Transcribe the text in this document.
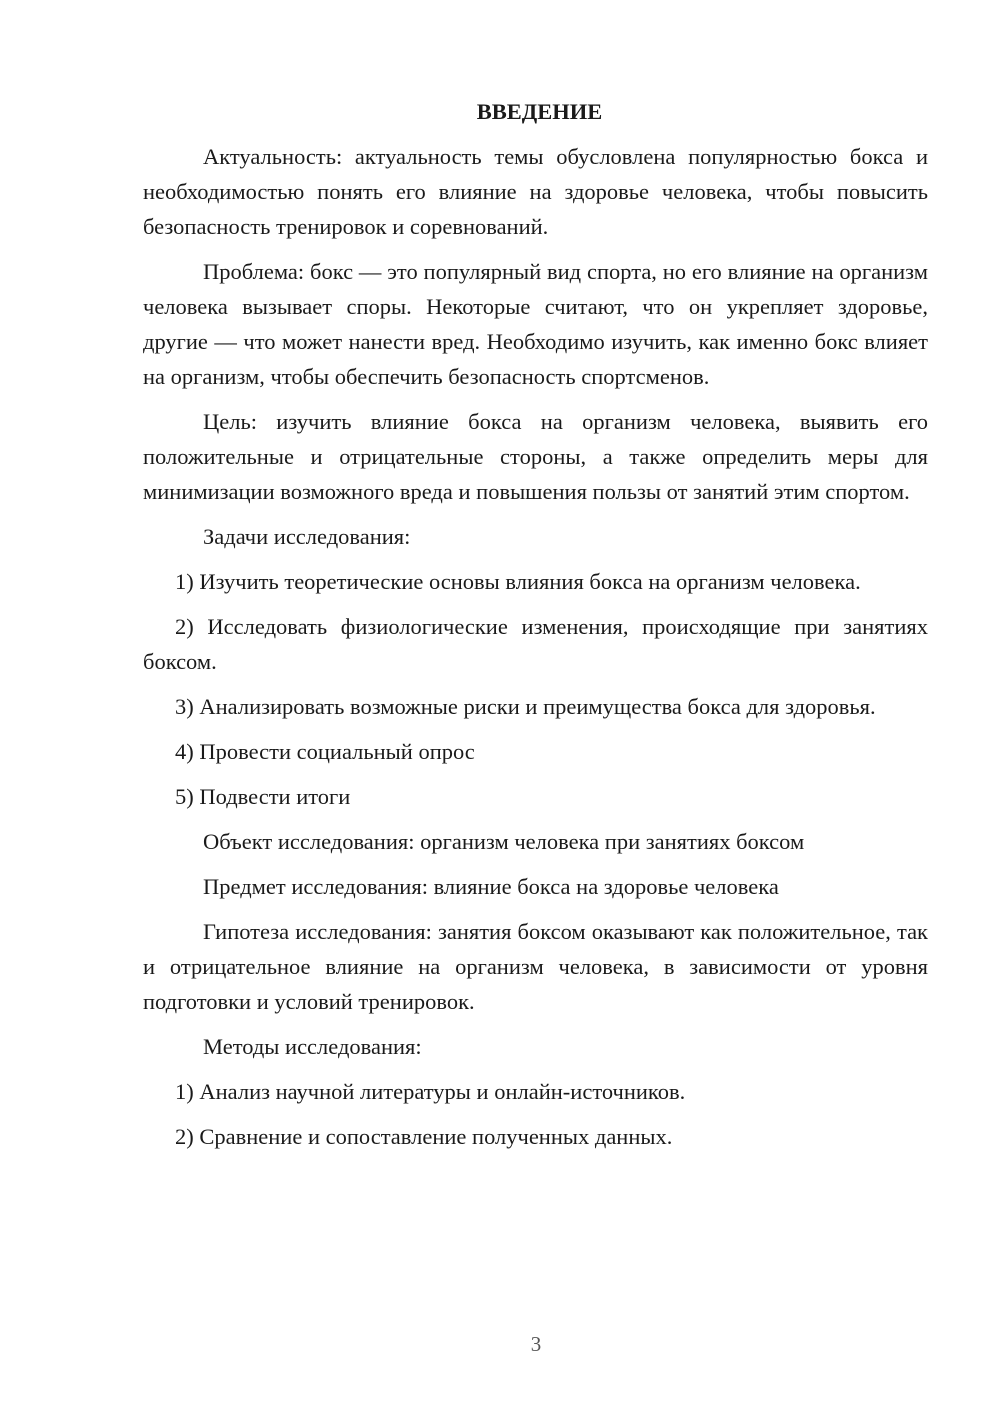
ВВЕДЕНИЕ
Актуальность: актуальность темы обусловлена популярностью бокса и необходимостью понять его влияние на здоровье человека, чтобы повысить безопасность тренировок и соревнований.
Проблема: бокс — это популярный вид спорта, но его влияние на организм человека вызывает споры. Некоторые считают, что он укрепляет здоровье, другие — что может нанести вред. Необходимо изучить, как именно бокс влияет на организм, чтобы обеспечить безопасность спортсменов.
Цель: изучить влияние бокса на организм человека, выявить его положительные и отрицательные стороны, а также определить меры для минимизации возможного вреда и повышения пользы от занятий этим спортом.
Задачи исследования:
1) Изучить теоретические основы влияния бокса на организм человека.
2) Исследовать физиологические изменения, происходящие при занятиях боксом.
3) Анализировать возможные риски и преимущества бокса для здоровья.
4) Провести социальный опрос
5) Подвести итоги
Объект исследования: организм человека при занятиях боксом
Предмет исследования: влияние бокса на здоровье человека
Гипотеза исследования: занятия боксом оказывают как положительное, так и отрицательное влияние на организм человека, в зависимости от уровня подготовки и условий тренировок.
Методы исследования:
1) Анализ научной литературы и онлайн-источников.
2) Сравнение и сопоставление полученных данных.
3
